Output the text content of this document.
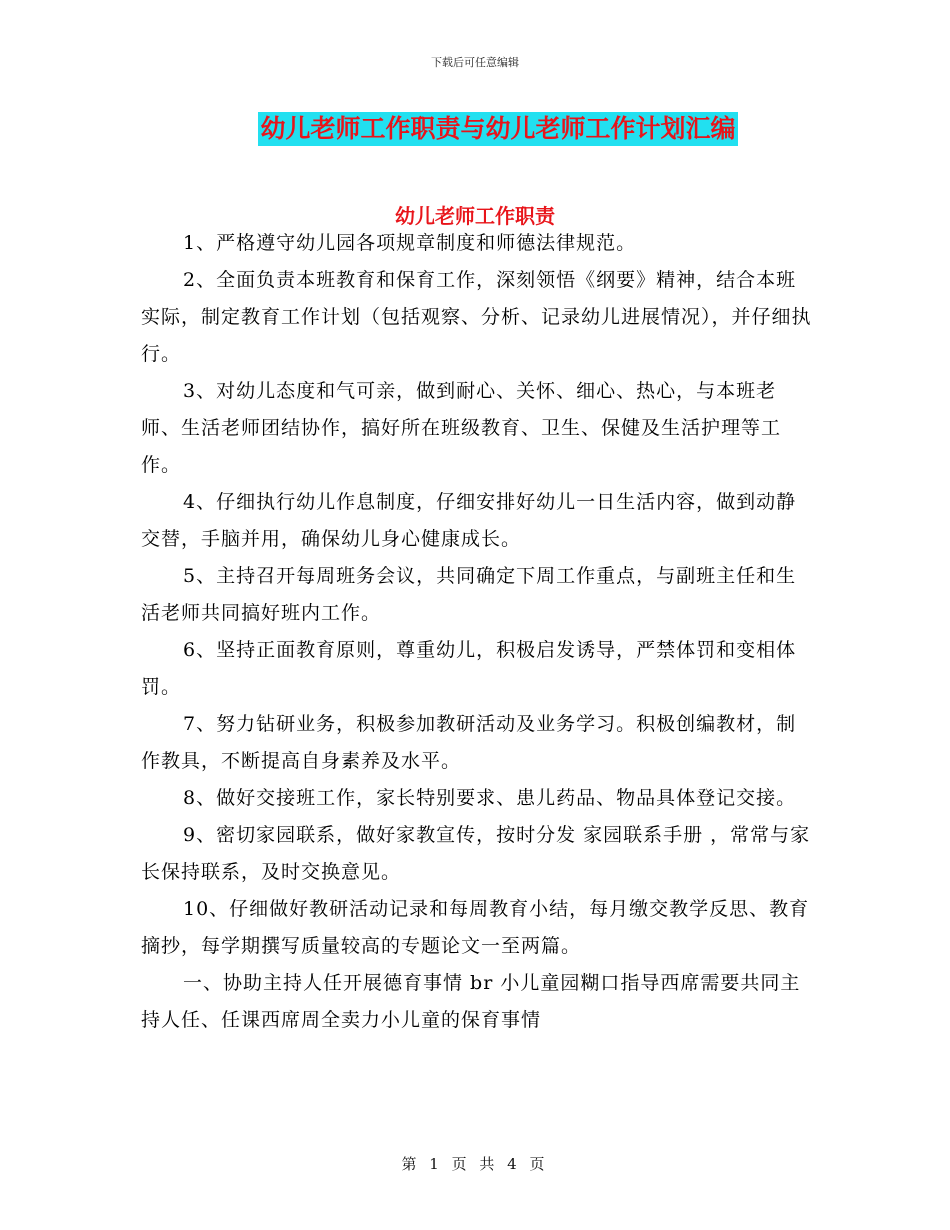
下载后可任意编辑
幼儿老师工作职责与幼儿老师工作计划汇编
幼儿老师工作职责

1、严格遵守幼儿园各项规章制度和师德法律规范。

2、全面负责本班教育和保育工作，深刻领悟《纲要》精神，结合本班实际，制定教育工作计划（包括观察、分析、记录幼儿进展情况），并仔细执行。

3、对幼儿态度和气可亲，做到耐心、关怀、细心、热心，与本班老师、生活老师团结协作，搞好所在班级教育、卫生、保健及生活护理等工作。

4、仔细执行幼儿作息制度，仔细安排好幼儿一日生活内容，做到动静交替，手脑并用，确保幼儿身心健康成长。

5、主持召开每周班务会议，共同确定下周工作重点，与副班主任和生活老师共同搞好班内工作。

6、坚持正面教育原则，尊重幼儿，积极启发诱导，严禁体罚和变相体罚。

7、努力钻研业务，积极参加教研活动及业务学习。积极创编教材，制作教具，不断提高自身素养及水平。

8、做好交接班工作，家长特别要求、患儿药品、物品具体登记交接。

9、密切家园联系，做好家教宣传，按时分发 家园联系手册 ，常常与家长保持联系，及时交换意见。

10、仔细做好教研活动记录和每周教育小结，每月缴交教学反思、教育摘抄，每学期撰写质量较高的专题论文一至两篇。

一、协助主持人任开展德育事情 br 小儿童园糊口指导西席需要共同主持人任、任课西席周全卖力小儿童的保育事情

第 1 页 共 4 页
